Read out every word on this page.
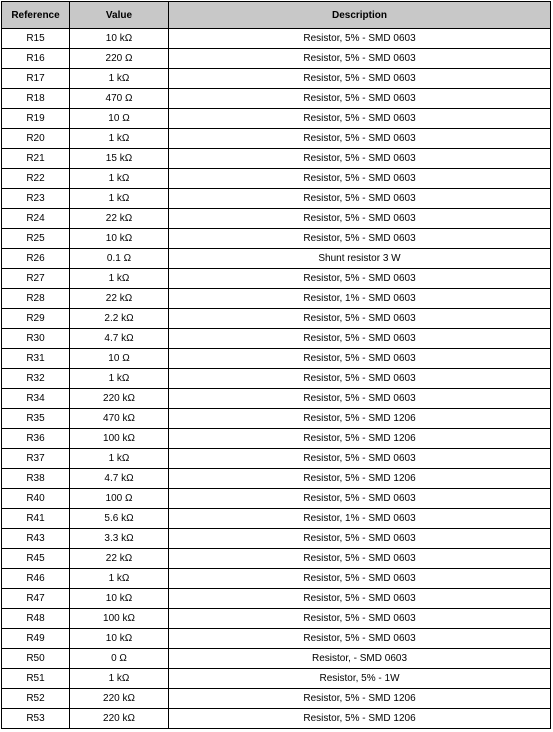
Reference	Value	Description
R15	10 kΩ	Resistor, 5% - SMD 0603
R16	220 Ω	Resistor, 5% - SMD 0603
R17	1 kΩ	Resistor, 5% - SMD 0603
R18	470 Ω	Resistor, 5% - SMD 0603
R19	10 Ω	Resistor, 5% - SMD 0603
R20	1 kΩ	Resistor, 5% - SMD 0603
R21	15 kΩ	Resistor, 5% - SMD 0603
R22	1 kΩ	Resistor, 5% - SMD 0603
R23	1 kΩ	Resistor, 5% - SMD 0603
R24	22 kΩ	Resistor, 5% - SMD 0603
R25	10 kΩ	Resistor, 5% - SMD 0603
R26	0.1 Ω	Shunt resistor 3 W
R27	1 kΩ	Resistor, 5% - SMD 0603
R28	22 kΩ	Resistor, 1% - SMD 0603
R29	2.2 kΩ	Resistor, 5% - SMD 0603
R30	4.7 kΩ	Resistor, 5% - SMD 0603
R31	10 Ω	Resistor, 5% - SMD 0603
R32	1 kΩ	Resistor, 5% - SMD 0603
R34	220 kΩ	Resistor, 5% - SMD 0603
R35	470 kΩ	Resistor, 5% - SMD 1206
R36	100 kΩ	Resistor, 5% - SMD 1206
R37	1 kΩ	Resistor, 5% - SMD 0603
R38	4.7 kΩ	Resistor, 5% - SMD 1206
R40	100 Ω	Resistor, 5% - SMD 0603
R41	5.6 kΩ	Resistor, 1% - SMD 0603
R43	3.3 kΩ	Resistor, 5% - SMD 0603
R45	22 kΩ	Resistor, 5% - SMD 0603
R46	1 kΩ	Resistor, 5% - SMD 0603
R47	10 kΩ	Resistor, 5% - SMD 0603
R48	100 kΩ	Resistor, 5% - SMD 0603
R49	10 kΩ	Resistor, 5% - SMD 0603
R50	0 Ω	Resistor, - SMD 0603
R51	1 kΩ	Resistor, 5% - 1W
R52	220 kΩ	Resistor, 5% - SMD 1206
R53	220 kΩ	Resistor, 5% - SMD 1206
